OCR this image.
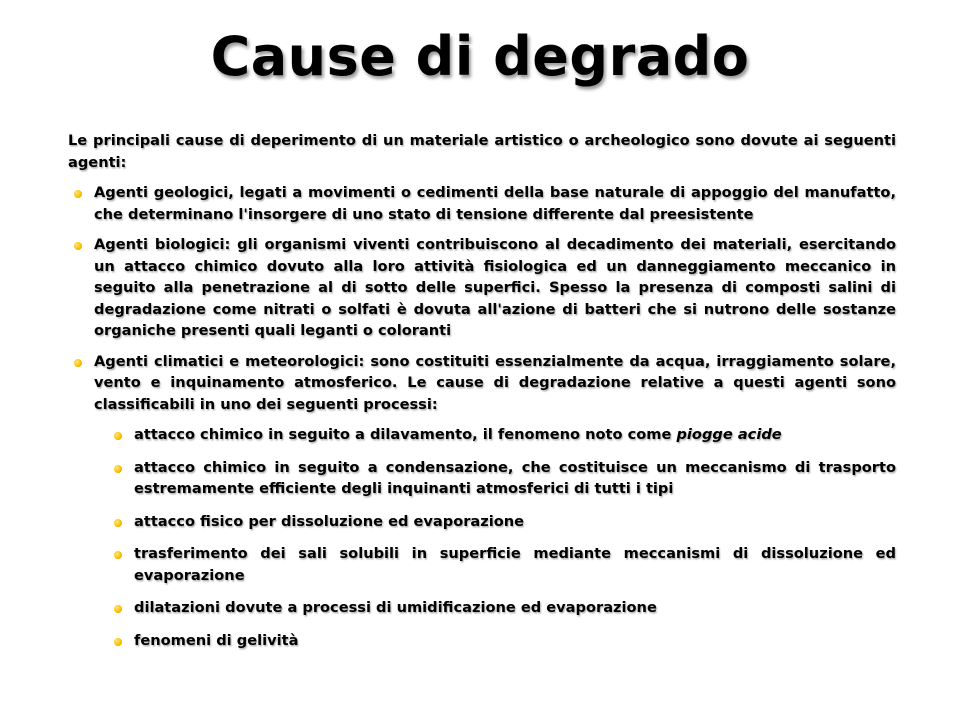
Cause di degrado

Le principali cause di deperimento di un materiale artistico o archeologico sono dovute ai seguenti agenti:

Agenti geologici, legati a movimenti o cedimenti della base naturale di appoggio del manufatto, che determinano l'insorgere di uno stato di tensione differente dal preesistente

Agenti biologici: gli organismi viventi contribuiscono al decadimento dei materiali, esercitando un attacco chimico dovuto alla loro attività fisiologica ed un danneggiamento meccanico in seguito alla penetrazione al di sotto delle superfici. Spesso la presenza di composti salini di degradazione come nitrati o solfati è dovuta all'azione di batteri che si nutrono delle sostanze organiche presenti quali leganti o coloranti

Agenti climatici e meteorologici: sono costituiti essenzialmente da acqua, irraggiamento solare, vento e inquinamento atmosferico. Le cause di degradazione relative a questi agenti sono classificabili in uno dei seguenti processi:

attacco chimico in seguito a dilavamento, il fenomeno noto come piogge acide

attacco chimico in seguito a condensazione, che costituisce un meccanismo di trasporto estremamente efficiente degli inquinanti atmosferici di tutti i tipi

attacco fisico per dissoluzione ed evaporazione

trasferimento dei sali solubili in superficie mediante meccanismi di dissoluzione ed evaporazione

dilatazioni dovute a processi di umidificazione ed evaporazione

fenomeni di gelività
